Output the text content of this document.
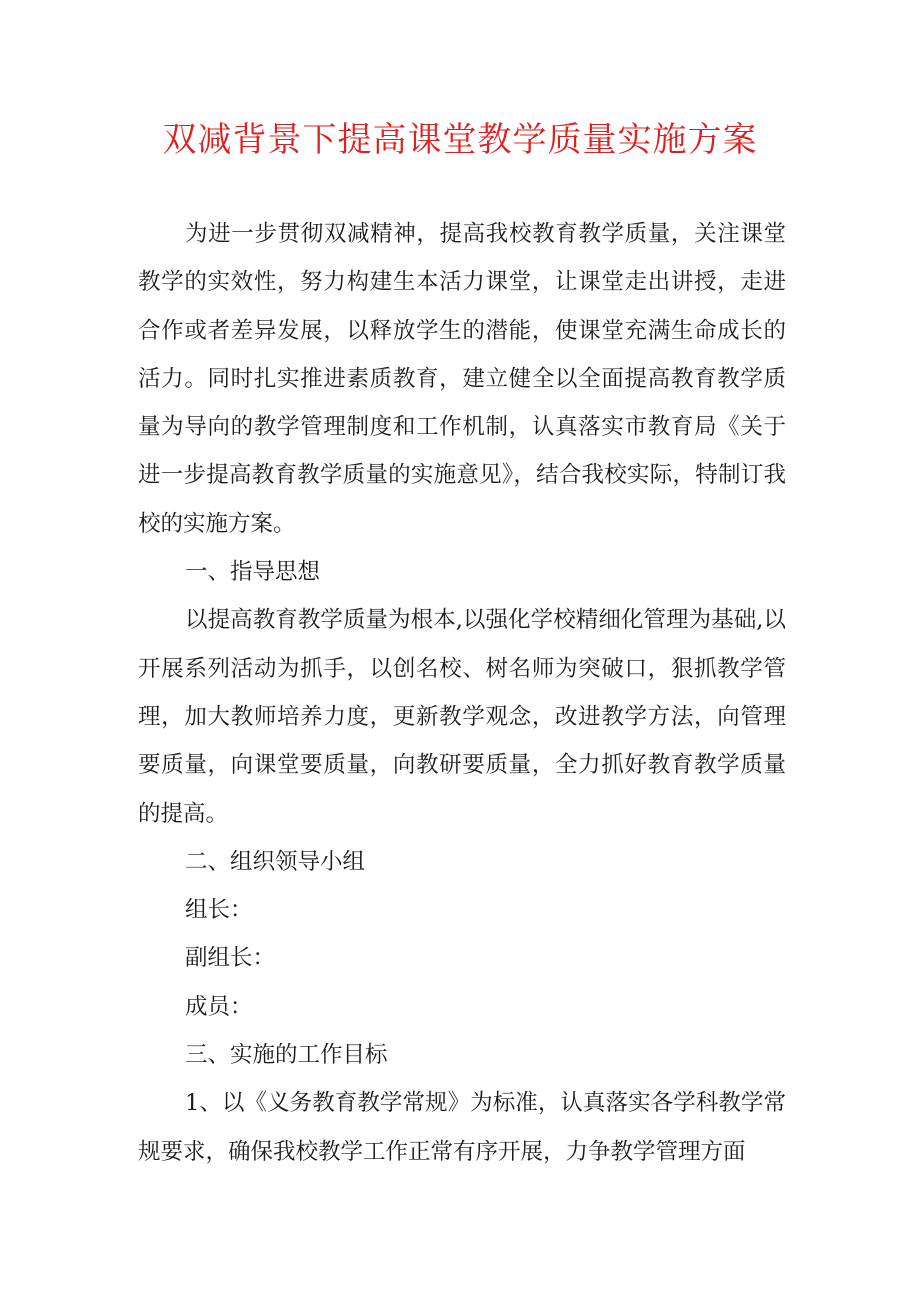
双减背景下提高课堂教学质量实施方案

为进一步贯彻双减精神，提高我校教育教学质量，关注课堂教学的实效性，努力构建生本活力课堂，让课堂走出讲授，走进合作或者差异发展，以释放学生的潜能，使课堂充满生命成长的活力。同时扎实推进素质教育，建立健全以全面提高教育教学质量为导向的教学管理制度和工作机制，认真落实市教育局《关于进一步提高教育教学质量的实施意见》，结合我校实际，特制订我校的实施方案。

一、指导思想

以提高教育教学质量为根本,以强化学校精细化管理为基础,以开展系列活动为抓手，以创名校、树名师为突破口，狠抓教学管理，加大教师培养力度，更新教学观念，改进教学方法，向管理要质量，向课堂要质量，向教研要质量，全力抓好教育教学质量的提高。

二、组织领导小组

组长：

副组长：

成员：

三、实施的工作目标

1、以《义务教育教学常规》为标准，认真落实各学科教学常规要求，确保我校教学工作正常有序开展，力争教学管理方面
